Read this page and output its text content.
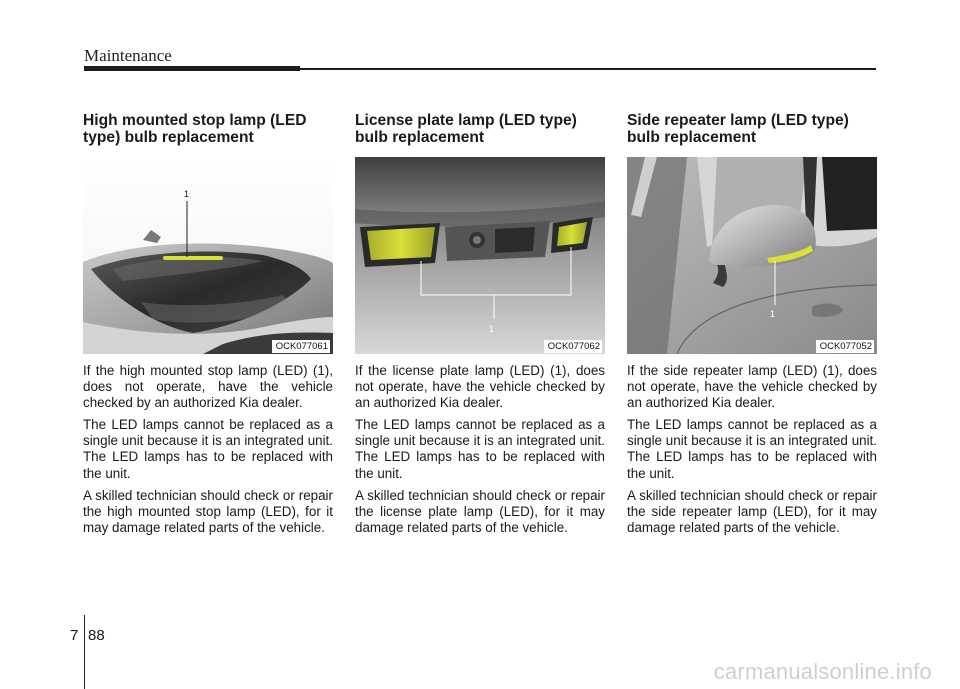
Maintenance
High mounted stop lamp (LED type) bulb replacement
1
OCK077061

If the high mounted stop lamp (LED) (1), does not operate, have the vehicle checked by an authorized Kia dealer.

The LED lamps cannot be replaced as a single unit because it is an integrated unit. The LED lamps has to be replaced with the unit.

A skilled technician should check or repair the high mounted stop lamp (LED), for it may damage related parts of the vehicle.

License plate lamp (LED type) bulb replacement
1
OCK077062

If the license plate lamp (LED) (1), does not operate, have the vehicle checked by an authorized Kia dealer.

The LED lamps cannot be replaced as a single unit because it is an integrated unit. The LED lamps has to be replaced with the unit.

A skilled technician should check or repair the license plate lamp (LED), for it may damage related parts of the vehicle.

Side repeater lamp (LED type) bulb replacement
1
OCK077052

If the side repeater lamp (LED) (1), does not operate, have the vehicle checked by an authorized Kia dealer.

The LED lamps cannot be replaced as a single unit because it is an integrated unit. The LED lamps has to be replaced with the unit.

A skilled technician should check or repair the side repeater lamp (LED), for it may damage related parts of the vehicle.

7 88
carmanualsonline.info
